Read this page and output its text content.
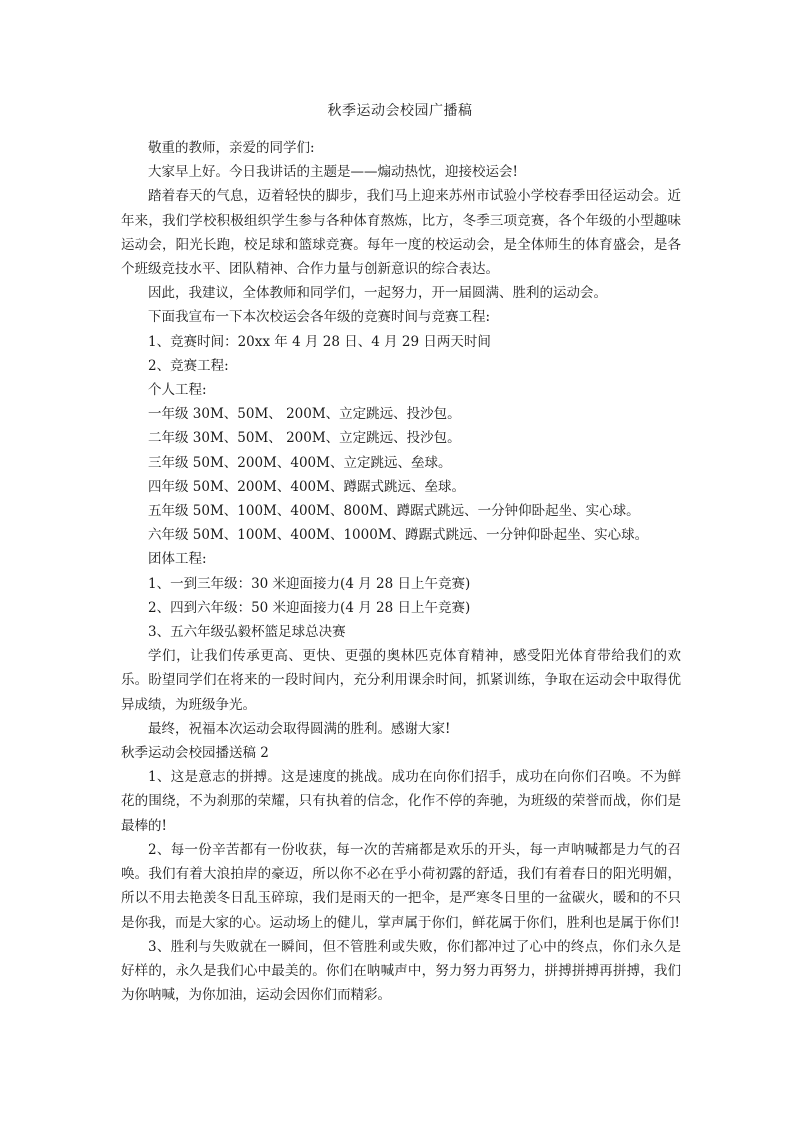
秋季运动会校园广播稿

敬重的教师，亲爱的同学们:

大家早上好。今日我讲话的主题是——煽动热忱，迎接校运会!

踏着春天的气息，迈着轻快的脚步，我们马上迎来苏州市试验小学校春季田径运动会。近年来，我们学校积极组织学生参与各种体育熬炼，比方，冬季三项竞赛，各个年级的小型趣味运动会，阳光长跑，校足球和篮球竞赛。每年一度的校运动会，是全体师生的体育盛会，是各个班级竞技水平、团队精神、合作力量与创新意识的综合表达。

因此，我建议，全体教师和同学们，一起努力，开一届圆满、胜利的运动会。

下面我宣布一下本次校运会各年级的竞赛时间与竞赛工程:

1、竞赛时间：20xx 年 4 月 28 日、4 月 29 日两天时间

2、竞赛工程:

个人工程:

一年级 30M、50M、 200M、立定跳远、投沙包。

二年级 30M、50M、 200M、立定跳远、投沙包。

三年级 50M、200M、400M、立定跳远、垒球。

四年级 50M、200M、400M、蹲踞式跳远、垒球。

五年级 50M、100M、400M、800M、蹲踞式跳远、一分钟仰卧起坐、实心球。

六年级 50M、100M、400M、1000M、蹲踞式跳远、一分钟仰卧起坐、实心球。

团体工程:

1、一到三年级：30 米迎面接力(4 月 28 日上午竞赛)

2、四到六年级：50 米迎面接力(4 月 28 日上午竞赛)

3、五六年级弘毅杯篮足球总决赛

学们，让我们传承更高、更快、更强的奥林匹克体育精神，感受阳光体育带给我们的欢乐。盼望同学们在将来的一段时间内，充分利用课余时间，抓紧训练，争取在运动会中取得优异成绩，为班级争光。

最终，祝福本次运动会取得圆满的胜利。感谢大家!

秋季运动会校园播送稿 2

1、这是意志的拼搏。这是速度的挑战。成功在向你们招手，成功在向你们召唤。不为鲜花的围绕，不为刹那的荣耀，只有执着的信念，化作不停的奔驰，为班级的荣誉而战，你们是最棒的!

2、每一份辛苦都有一份收获，每一次的苦痛都是欢乐的开头，每一声呐喊都是力气的召唤。我们有着大浪拍岸的豪迈，所以你不必在乎小荷初露的舒适，我们有着春日的阳光明媚，所以不用去艳羡冬日乱玉碎琼，我们是雨天的一把伞，是严寒冬日里的一盆碳火，暖和的不只是你我，而是大家的心。运动场上的健儿，掌声属于你们，鲜花属于你们，胜利也是属于你们!

3、胜利与失败就在一瞬间，但不管胜利或失败，你们都冲过了心中的终点，你们永久是好样的，永久是我们心中最美的。你们在呐喊声中，努力努力再努力，拼搏拼搏再拼搏，我们为你呐喊，为你加油，运动会因你们而精彩。
